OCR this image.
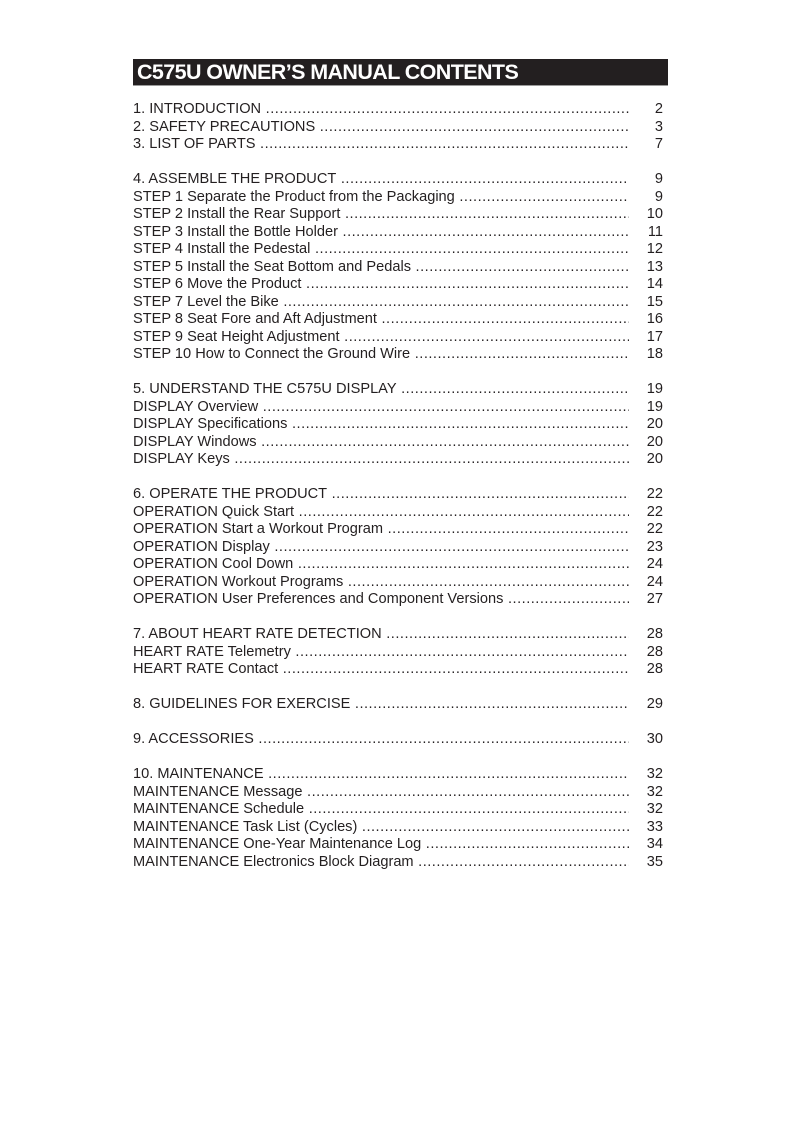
C575U OWNER’S MANUAL CONTENTS
1. INTRODUCTION .....	2
2. SAFETY PRECAUTIONS .....	3
3. LIST OF PARTS .....	7
4. ASSEMBLE THE PRODUCT .....	9
STEP 1 Separate the Product from the Packaging .....	9
STEP 2 Install the Rear Support .....	10
STEP 3 Install the Bottle Holder .....	11
STEP 4 Install the Pedestal .....	12
STEP 5 Install the Seat Bottom and Pedals .....	13
STEP 6 Move the Product .....	14
STEP 7 Level the Bike .....	15
STEP 8 Seat Fore and Aft Adjustment .....	16
STEP 9 Seat Height Adjustment .....	17
STEP 10 How to Connect the Ground Wire .....	18
5. UNDERSTAND THE C575U DISPLAY .....	19
DISPLAY Overview .....	19
DISPLAY Specifications .....	20
DISPLAY Windows .....	20
DISPLAY Keys .....	20
6. OPERATE THE PRODUCT .....	22
OPERATION Quick Start .....	22
OPERATION Start a Workout Program .....	22
OPERATION Display .....	23
OPERATION Cool Down .....	24
OPERATION Workout Programs .....	24
OPERATION User Preferences and Component Versions .....	27
7. ABOUT HEART RATE DETECTION .....	28
HEART RATE Telemetry .....	28
HEART RATE Contact .....	28
8. GUIDELINES FOR EXERCISE .....	29
9. ACCESSORIES .....	30
10. MAINTENANCE .....	32
MAINTENANCE Message .....	32
MAINTENANCE Schedule .....	32
MAINTENANCE Task List (Cycles) .....	33
MAINTENANCE One-Year Maintenance Log .....	34
MAINTENANCE Electronics Block Diagram .....	35
